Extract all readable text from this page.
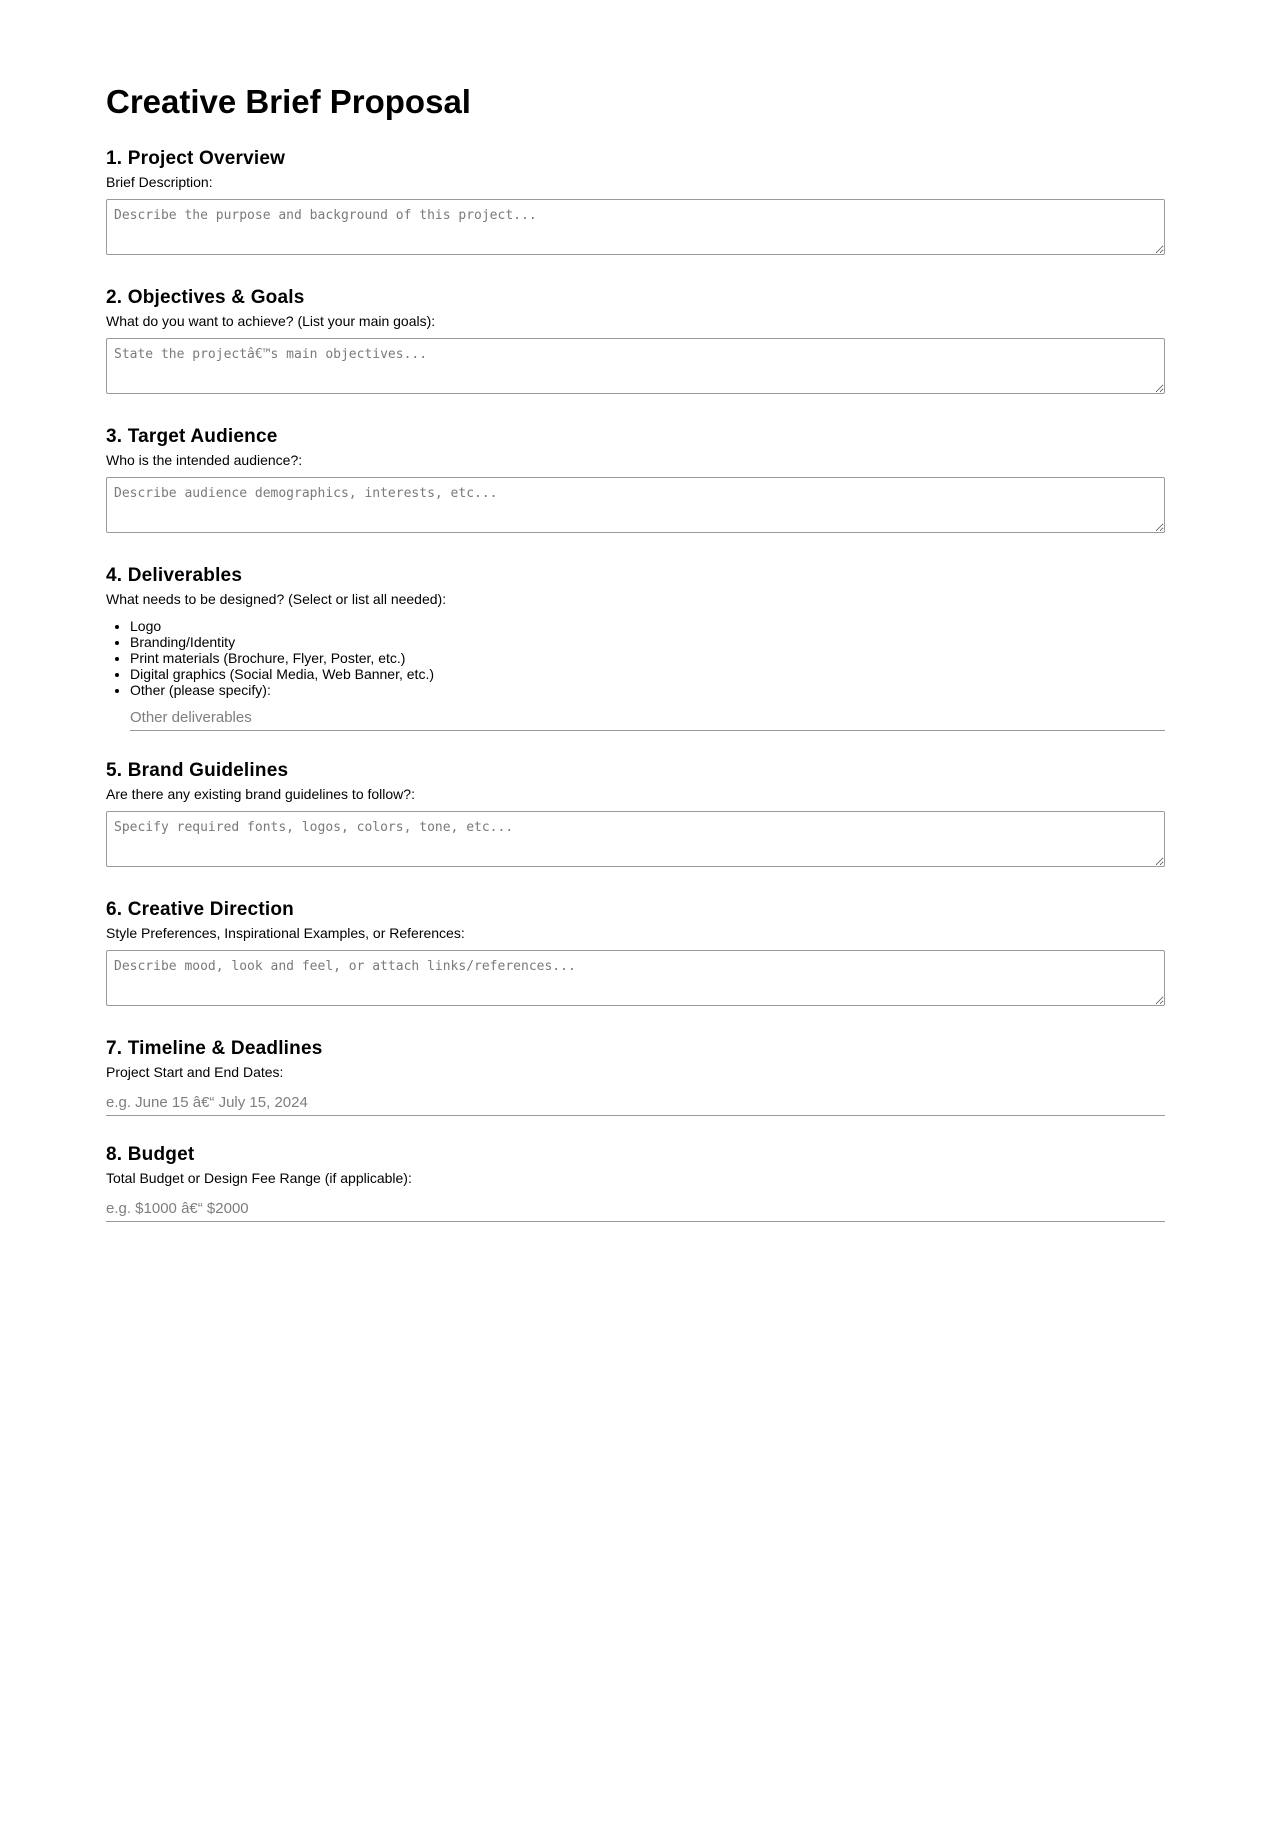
Creative Brief Proposal
1. Project Overview
Brief Description:
Describe the purpose and background of this project...
2. Objectives & Goals
What do you want to achieve? (List your main goals):
State the projectâ€™s main objectives...
3. Target Audience
Who is the intended audience?:
Describe audience demographics, interests, etc...
4. Deliverables
What needs to be designed? (Select or list all needed):
• Logo
• Branding/Identity
• Print materials (Brochure, Flyer, Poster, etc.)
• Digital graphics (Social Media, Web Banner, etc.)
• Other (please specify):
Other deliverables
5. Brand Guidelines
Are there any existing brand guidelines to follow?:
Specify required fonts, logos, colors, tone, etc...
6. Creative Direction
Style Preferences, Inspirational Examples, or References:
Describe mood, look and feel, or attach links/references...
7. Timeline & Deadlines
Project Start and End Dates:
e.g. June 15 â€“ July 15, 2024
8. Budget
Total Budget or Design Fee Range (if applicable):
e.g. $1000 â€“ $2000
